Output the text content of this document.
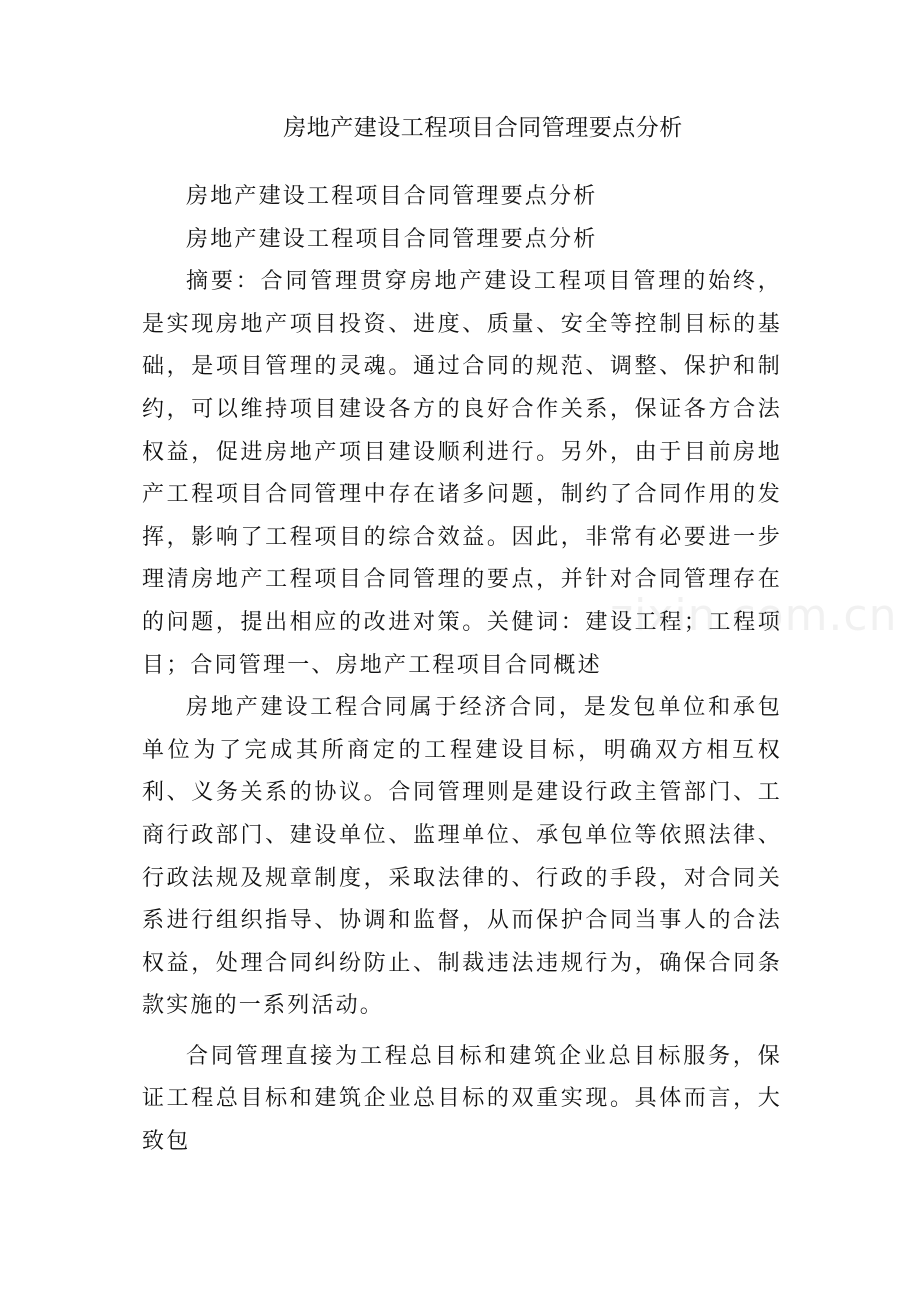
房地产建设工程项目合同管理要点分析

房地产建设工程项目合同管理要点分析

房地产建设工程项目合同管理要点分析

摘要：合同管理贯穿房地产建设工程项目管理的始终，是实现房地产项目投资、进度、质量、安全等控制目标的基础，是项目管理的灵魂。通过合同的规范、调整、保护和制约，可以维持项目建设各方的良好合作关系，保证各方合法权益，促进房地产项目建设顺利进行。另外，由于目前房地产工程项目合同管理中存在诸多问题，制约了合同作用的发挥，影响了工程项目的综合效益。因此，非常有必要进一步理清房地产工程项目合同管理的要点，并针对合同管理存在的问题，提出相应的改进对策。关健词：建设工程；工程项目；合同管理一、房地产工程项目合同概述

房地产建设工程合同属于经济合同，是发包单位和承包单位为了完成其所商定的工程建设目标，明确双方相互权利、义务关系的协议。合同管理则是建设行政主管部门、工商行政部门、建设单位、监理单位、承包单位等依照法律、行政法规及规章制度，采取法律的、行政的手段，对合同关系进行组织指导、协调和监督，从而保护合同当事人的合法权益，处理合同纠纷防止、制裁违法违规行为，确保合同条款实施的一系列活动。

合同管理直接为工程总目标和建筑企业总目标服务，保证工程总目标和建筑企业总目标的双重实现。具体而言，大致包

zixin.com.cn
